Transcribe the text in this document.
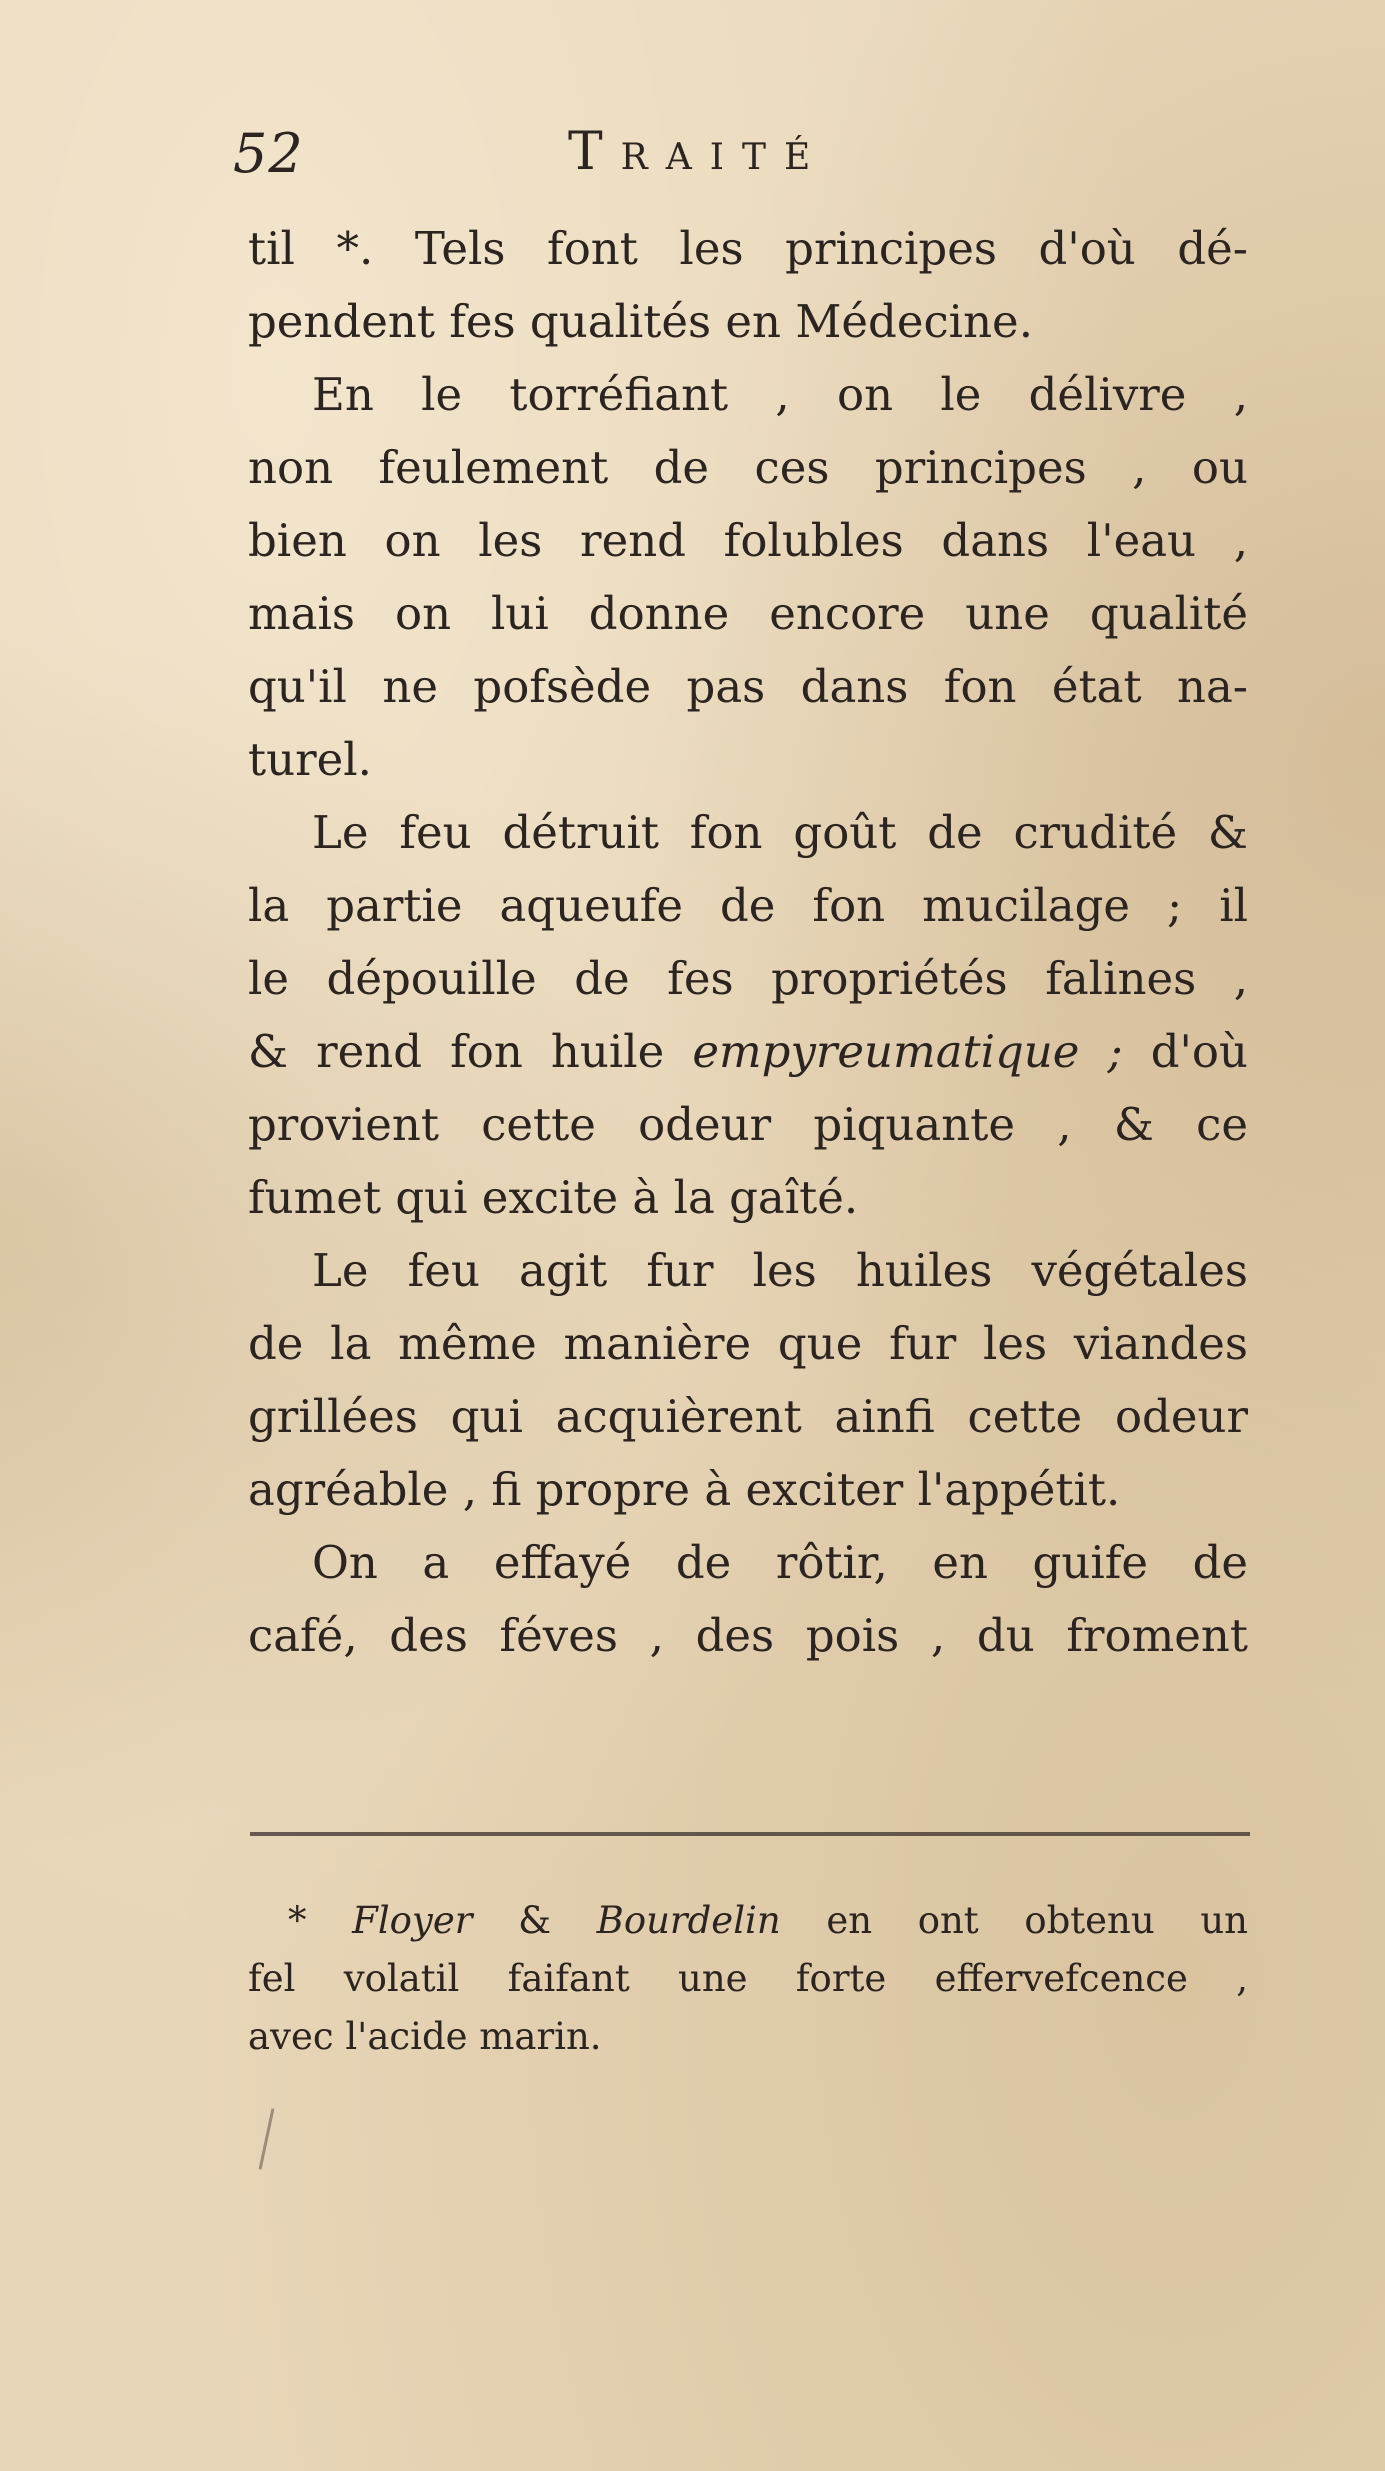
52	Traité
til *. Tels font les principes d'où dé-
pendent fes qualités en Médecine.
En le torréfiant , on le délivre ,
non feulement de ces principes , ou
bien on les rend folubles dans l'eau ,
mais on lui donne encore une qualité
qu'il ne pofsède pas dans fon état na-
turel.
Le feu détruit fon goût de crudité &
la partie aqueufe de fon mucilage ; il
le dépouille de fes propriétés falines ,
& rend fon huile empyreumatique ; d'où
provient cette odeur piquante , & ce
fumet qui excite à la gaîté.
Le feu agit fur les huiles végétales
de la même manière que fur les viandes
grillées qui acquièrent ainfi cette odeur
agréable , fi propre à exciter l'appétit.
On a effayé de rôtir, en guife de
café, des féves , des pois , du froment
* Floyer & Bourdelin en ont obtenu un
fel volatil faifant une forte effervefcence ,
avec l'acide marin.
